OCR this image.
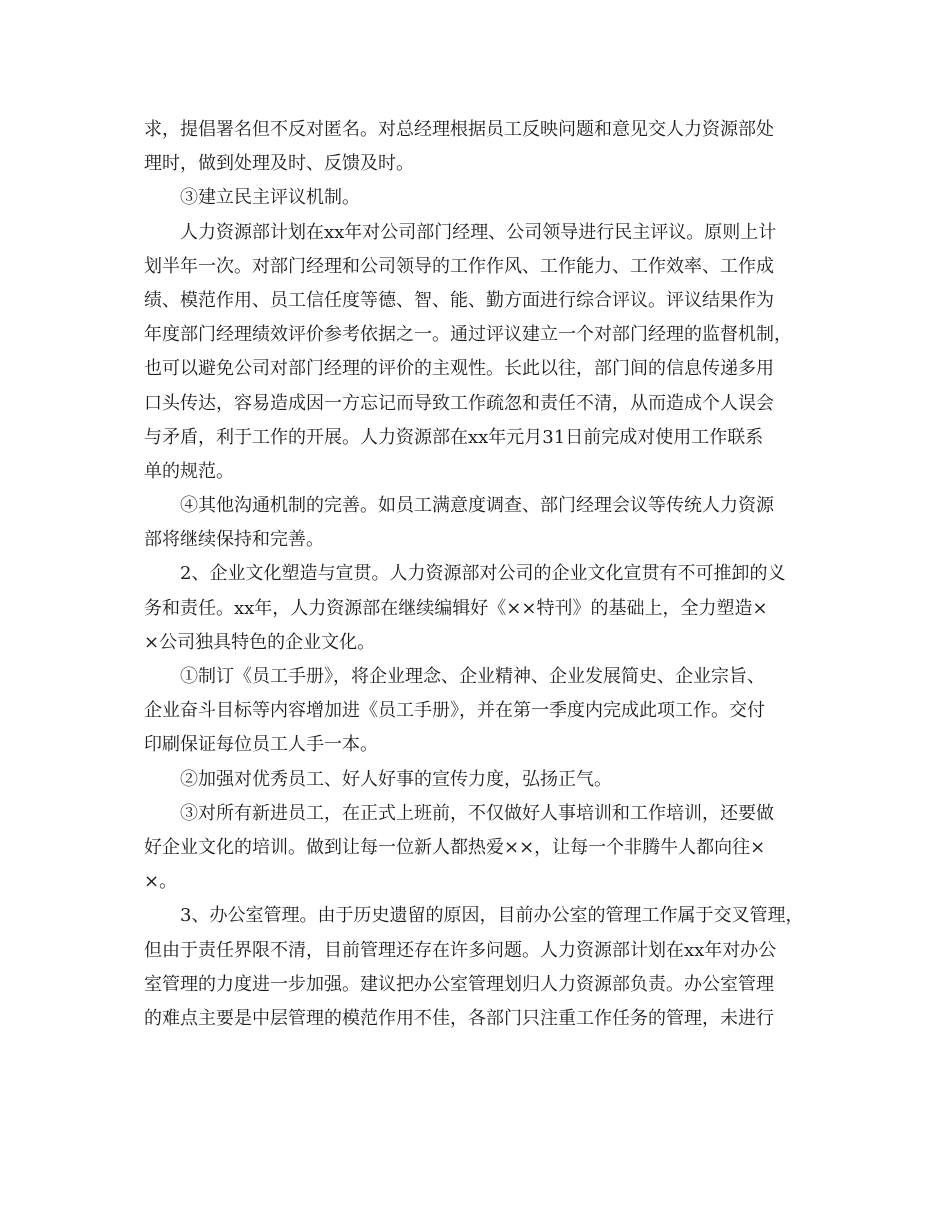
求，提倡署名但不反对匿名。对总经理根据员工反映问题和意见交人力资源部处
理时，做到处理及时、反馈及时。
③建立民主评议机制。
人力资源部计划在xx年对公司部门经理、公司领导进行民主评议。原则上计
划半年一次。对部门经理和公司领导的工作作风、工作能力、工作效率、工作成
绩、模范作用、员工信任度等德、智、能、勤方面进行综合评议。评议结果作为
年度部门经理绩效评价参考依据之一。通过评议建立一个对部门经理的监督机制，
也可以避免公司对部门经理的评价的主观性。长此以往，部门间的信息传递多用
口头传达，容易造成因一方忘记而导致工作疏忽和责任不清，从而造成个人误会
与矛盾，利于工作的开展。人力资源部在xx年元月31日前完成对使用工作联系
单的规范。
④其他沟通机制的完善。如员工满意度调查、部门经理会议等传统人力资源
部将继续保持和完善。
2、企业文化塑造与宣贯。人力资源部对公司的企业文化宣贯有不可推卸的义
务和责任。xx年，人力资源部在继续编辑好《××特刊》的基础上，全力塑造×
×公司独具特色的企业文化。
①制订《员工手册》，将企业理念、企业精神、企业发展简史、企业宗旨、
企业奋斗目标等内容增加进《员工手册》，并在第一季度内完成此项工作。交付
印刷保证每位员工人手一本。
②加强对优秀员工、好人好事的宣传力度，弘扬正气。
③对所有新进员工，在正式上班前，不仅做好人事培训和工作培训，还要做
好企业文化的培训。做到让每一位新人都热爱××，让每一个非腾牛人都向往×
×。
3、办公室管理。由于历史遗留的原因，目前办公室的管理工作属于交叉管理，
但由于责任界限不清，目前管理还存在许多问题。人力资源部计划在xx年对办公
室管理的力度进一步加强。建议把办公室管理划归人力资源部负责。办公室管理
的难点主要是中层管理的模范作用不佳，各部门只注重工作任务的管理，未进行
